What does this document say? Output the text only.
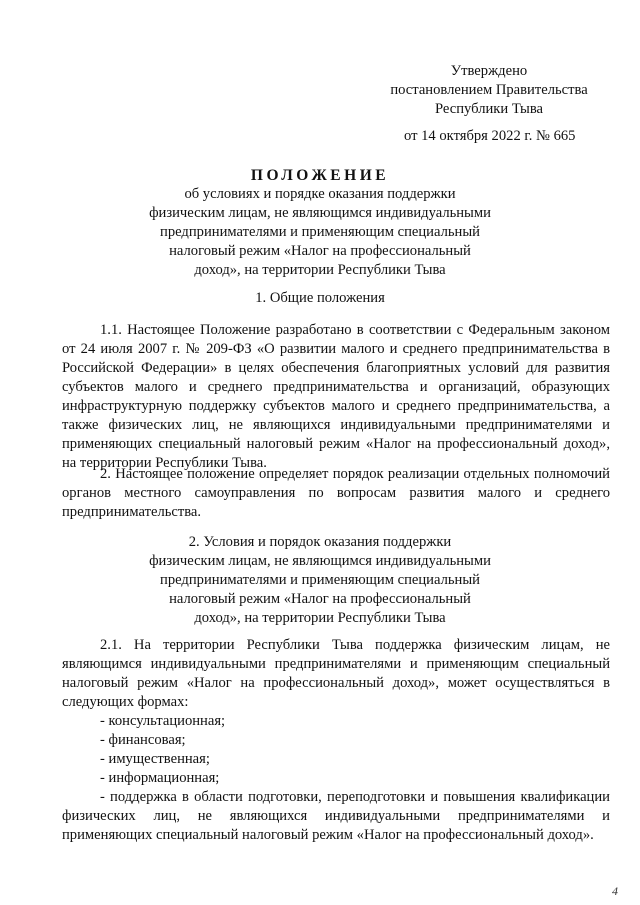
Утверждено
постановлением Правительства
Республики Тыва
от 14 октября 2022 г. № 665
ПОЛОЖЕНИЕ
об условиях и порядке оказания поддержки
физическим лицам, не являющимся индивидуальными
предпринимателями и применяющим специальный
налоговый режим «Налог на профессиональный
доход», на территории Республики Тыва
1. Общие положения
1.1. Настоящее Положение разработано в соответствии с Федеральным законом от 24 июля 2007 г. № 209-ФЗ «О развитии малого и среднего предпринимательства в Российской Федерации» в целях обеспечения благоприятных условий для развития субъектов малого и среднего предпринимательства и организаций, образующих инфраструктурную поддержку субъектов малого и среднего предпринимательства, а также физических лиц, не являющихся индивидуальными предпринимателями и применяющих специальный налоговый режим «Налог на профессиональный доход», на территории Республики Тыва.
2. Настоящее положение определяет порядок реализации отдельных полномочий органов местного самоуправления по вопросам развития малого и среднего предпринимательства.
2. Условия и порядок оказания поддержки
физическим лицам, не являющимся индивидуальными
предпринимателями и применяющим специальный
налоговый режим «Налог на профессиональный
доход», на территории Республики Тыва
2.1. На территории Республики Тыва поддержка физическим лицам, не являющимся индивидуальными предпринимателями и применяющим специальный налоговый режим «Налог на профессиональный доход», может осуществляться в следующих формах:
- консультационная;
- финансовая;
- имущественная;
- информационная;
- поддержка в области подготовки, переподготовки и повышения квалификации физических лиц, не являющихся индивидуальными предпринимателями и применяющих специальный налоговый режим «Налог на профессиональный доход».
4
